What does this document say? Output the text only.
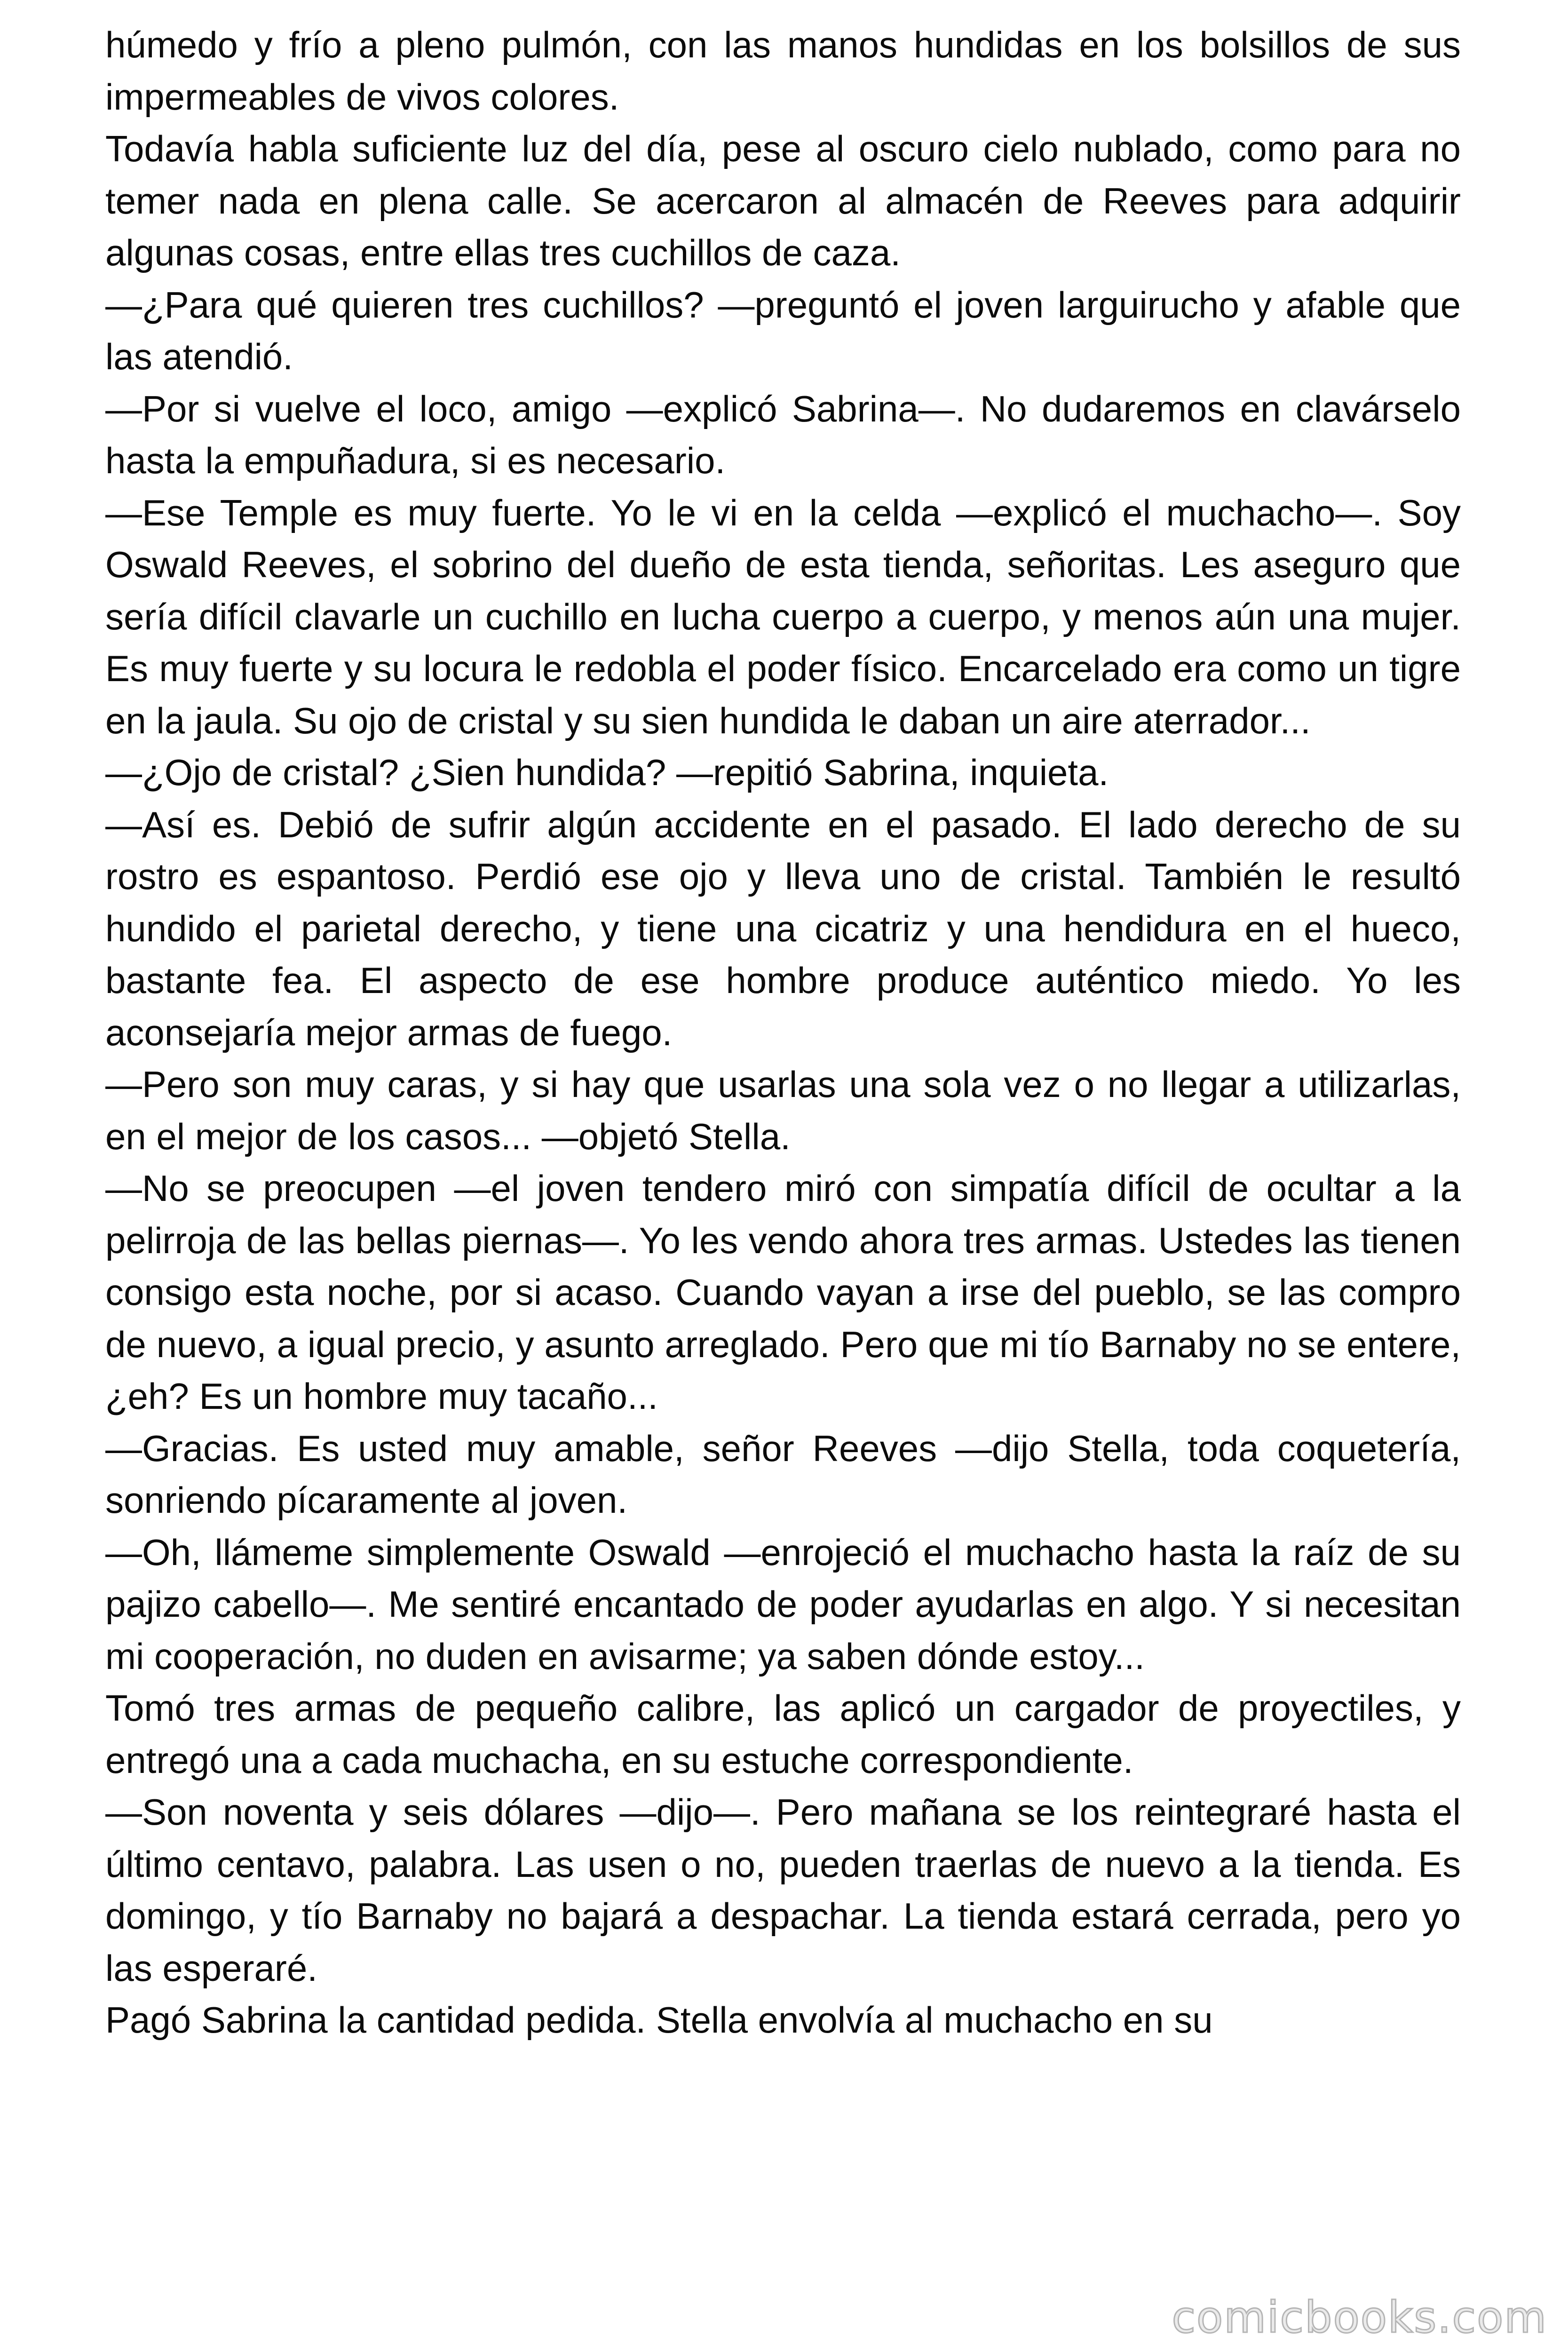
húmedo y frío a pleno pulmón, con las manos hundidas en los bolsillos de sus impermeables de vivos colores.

Todavía habla suficiente luz del día, pese al oscuro cielo nublado, como para no temer nada en plena calle. Se acercaron al almacén de Reeves para adquirir algunas cosas, entre ellas tres cuchillos de caza.

—¿Para qué quieren tres cuchillos? —preguntó el joven larguirucho y afable que las atendió.

—Por si vuelve el loco, amigo —explicó Sabrina—. No dudaremos en clavárselo hasta la empuñadura, si es necesario.

—Ese Temple es muy fuerte. Yo le vi en la celda —explicó el muchacho—. Soy Oswald Reeves, el sobrino del dueño de esta tienda, señoritas. Les aseguro que sería difícil clavarle un cuchillo en lucha cuerpo a cuerpo, y menos aún una mujer. Es muy fuerte y su locura le redobla el poder físico. Encarcelado era como un tigre en la jaula. Su ojo de cristal y su sien hundida le daban un aire aterrador...

—¿Ojo de cristal? ¿Sien hundida? —repitió Sabrina, inquieta.

—Así es. Debió de sufrir algún accidente en el pasado. El lado derecho de su rostro es espantoso. Perdió ese ojo y lleva uno de cristal. También le resultó hundido el parietal derecho, y tiene una cicatriz y una hendidura en el hueco, bastante fea. El aspecto de ese hombre produce auténtico miedo. Yo les aconsejaría mejor armas de fuego.

—Pero son muy caras, y si hay que usarlas una sola vez o no llegar a utilizarlas, en el mejor de los casos... —objetó Stella.

—No se preocupen —el joven tendero miró con simpatía difícil de ocultar a la pelirroja de las bellas piernas—. Yo les vendo ahora tres armas. Ustedes las tienen consigo esta noche, por si acaso. Cuando vayan a irse del pueblo, se las compro de nuevo, a igual precio, y asunto arreglado. Pero que mi tío Barnaby no se entere, ¿eh? Es un hombre muy tacaño...

—Gracias. Es usted muy amable, señor Reeves —dijo Stella, toda coquetería, sonriendo pícaramente al joven.

—Oh, llámeme simplemente Oswald —enrojeció el muchacho hasta la raíz de su pajizo cabello—. Me sentiré encantado de poder ayudarlas en algo. Y si necesitan mi cooperación, no duden en avisarme; ya saben dónde estoy...

Tomó tres armas de pequeño calibre, las aplicó un cargador de proyectiles, y entregó una a cada muchacha, en su estuche correspondiente.

—Son noventa y seis dólares —dijo—. Pero mañana se los reintegraré hasta el último centavo, palabra. Las usen o no, pueden traerlas de nuevo a la tienda. Es domingo, y tío Barnaby no bajará a despachar. La tienda estará cerrada, pero yo las esperaré.

Pagó Sabrina la cantidad pedida. Stella envolvía al muchacho en su

comicbooks.com
